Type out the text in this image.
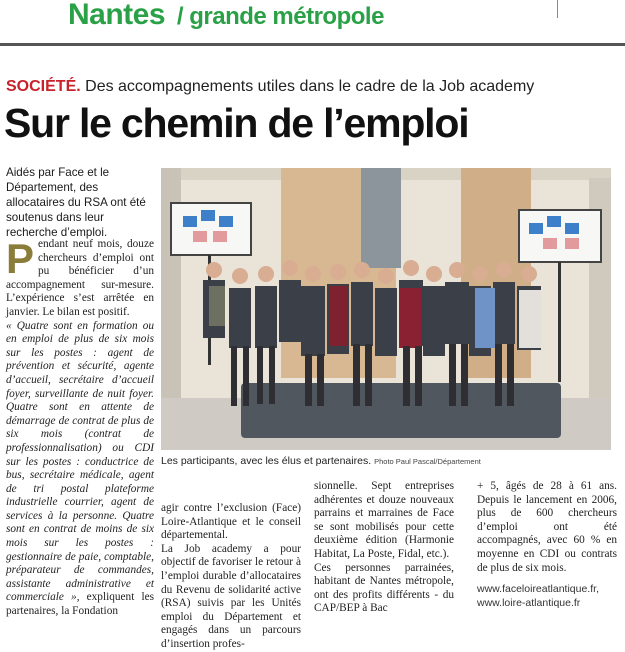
Nantes / grande métropole
SOCIÉTÉ. Des accompagnements utiles dans le cadre de la Job academy
Sur le chemin de l’emploi
Aidés par Face et le Département, des allocataires du RSA ont été soutenus dans leur recherche d’emploi.
P endant neuf mois, douze chercheurs d’emploi ont pu bénéficier d’un accompagnement sur-mesure. L’expérience s’est arrêtée en janvier. Le bilan est positif.

« Quatre sont en formation ou en emploi de plus de six mois sur les postes : agent de prévention et sécurité, agente d’accueil, secrétaire d’accueil foyer, surveillante de nuit foyer. Quatre sont en attente de démarrage de contrat de plus de six mois (contrat de professionnalisation) ou CDI sur les postes : conductrice de bus, secrétaire médicale, agent de tri postal plateforme industrielle courrier, agent de services à la personne. Quatre sont en contrat de moins de six mois sur les postes : gestionnaire de paie, comptable, préparateur de commandes, assistante administrative et commerciale », expliquent les partenaires, la Fondation

Les participants, avec les élus et partenaires. Photo Paul Pascal/Département

agir contre l’exclusion (Face) Loire-Atlantique et le conseil départemental.

La Job academy a pour objectif de favoriser le retour à l’emploi durable d’allocataires du Revenu de solidarité active (RSA) suivis par les Unités emploi du Département et engagés dans un parcours d’insertion profes-

sionnelle. Sept entreprises adhérentes et douze nouveaux parrains et marraines de Face se sont mobilisés pour cette deuxième édition (Harmonie Habitat, La Poste, Fidal, etc.).

Ces personnes parrainées, habitant de Nantes métropole, ont des profits différents - du CAP/BEP à Bac

+ 5, âgés de 28 à 61 ans. Depuis le lancement en 2006, plus de 600 chercheurs d’emploi ont été accompagnés, avec 60 % en moyenne en CDI ou contrats de plus de six mois.

www.faceloireatlantique.fr,
www.loire-atlantique.fr
